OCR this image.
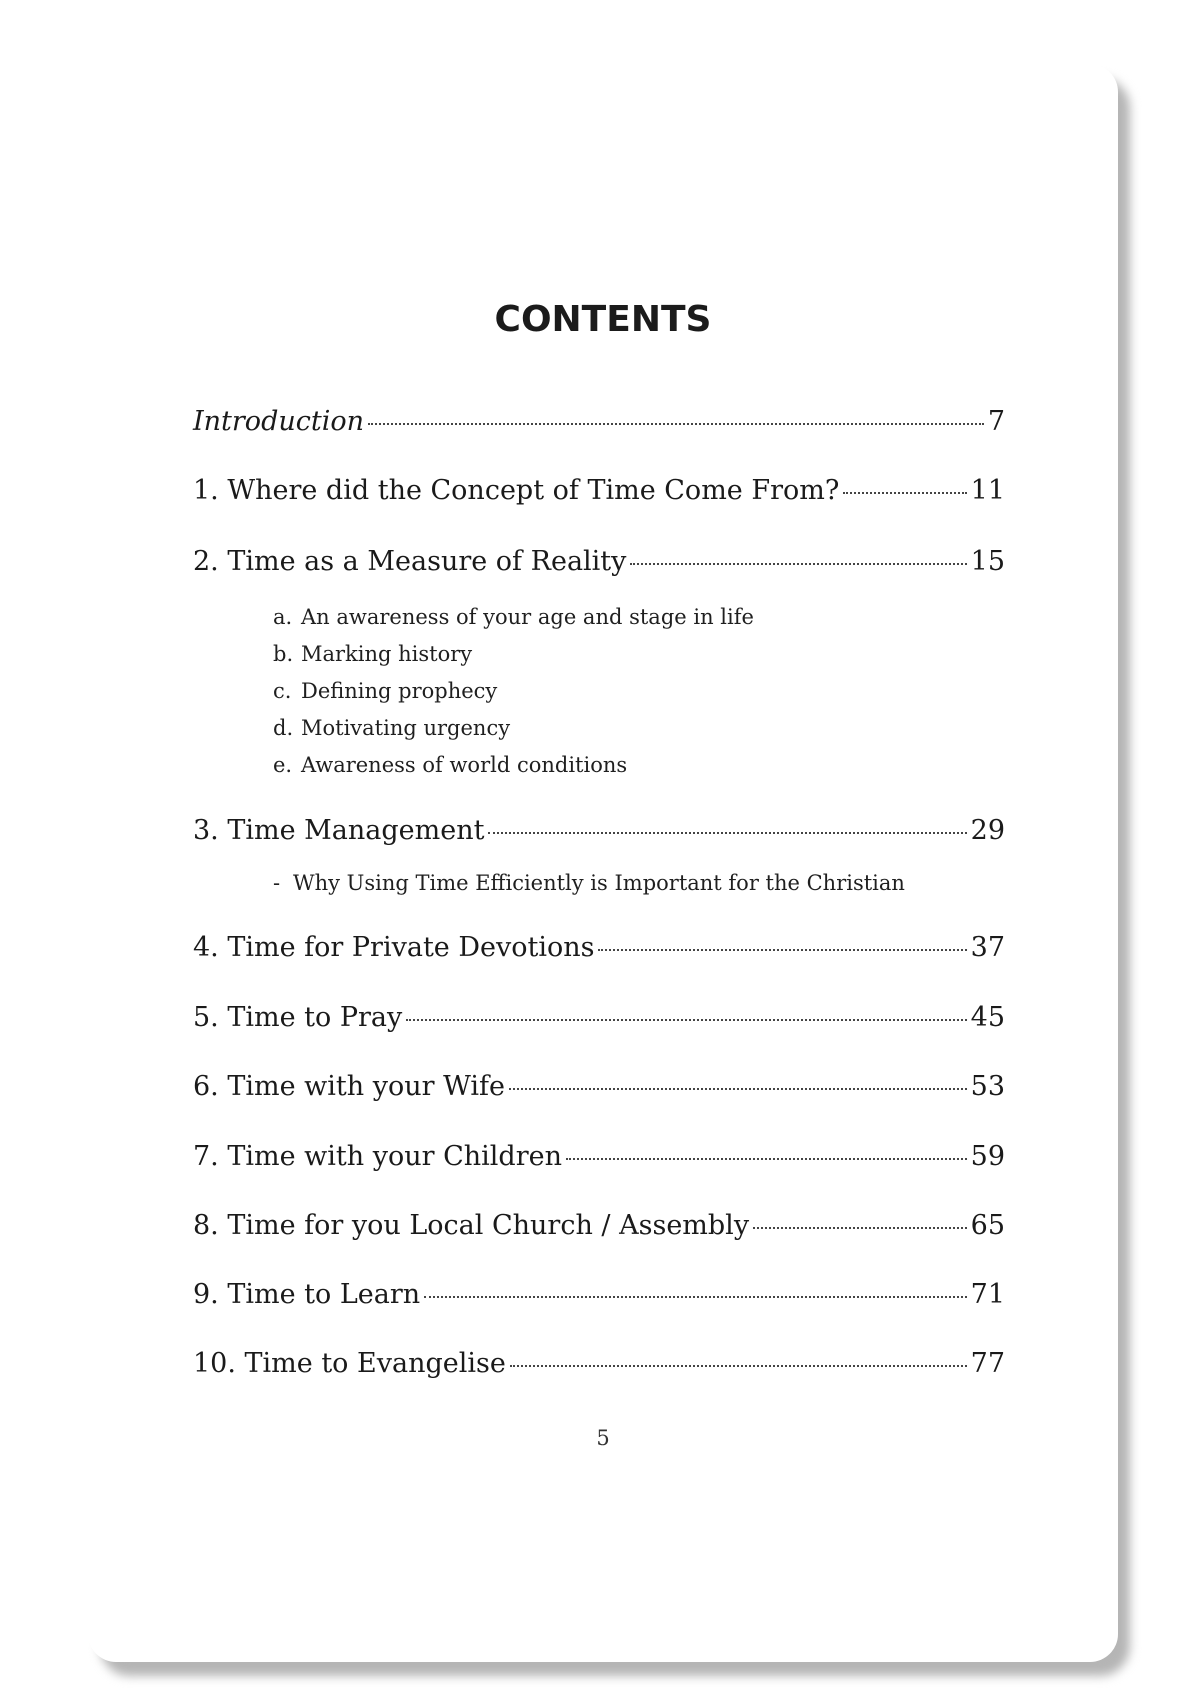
CONTENTS
Introduction	7
1. Where did the Concept of Time Come From?	11
2. Time as a Measure of Reality	15
a. An awareness of your age and stage in life
b. Marking history
c. Defining prophecy
d. Motivating urgency
e. Awareness of world conditions
3. Time Management	29
- Why Using Time Efficiently is Important for the Christian
4. Time for Private Devotions	37
5. Time to Pray	45
6. Time with your Wife	53
7. Time with your Children	59
8. Time for you Local Church / Assembly	65
9. Time to Learn	71
10. Time to Evangelise	77
5
